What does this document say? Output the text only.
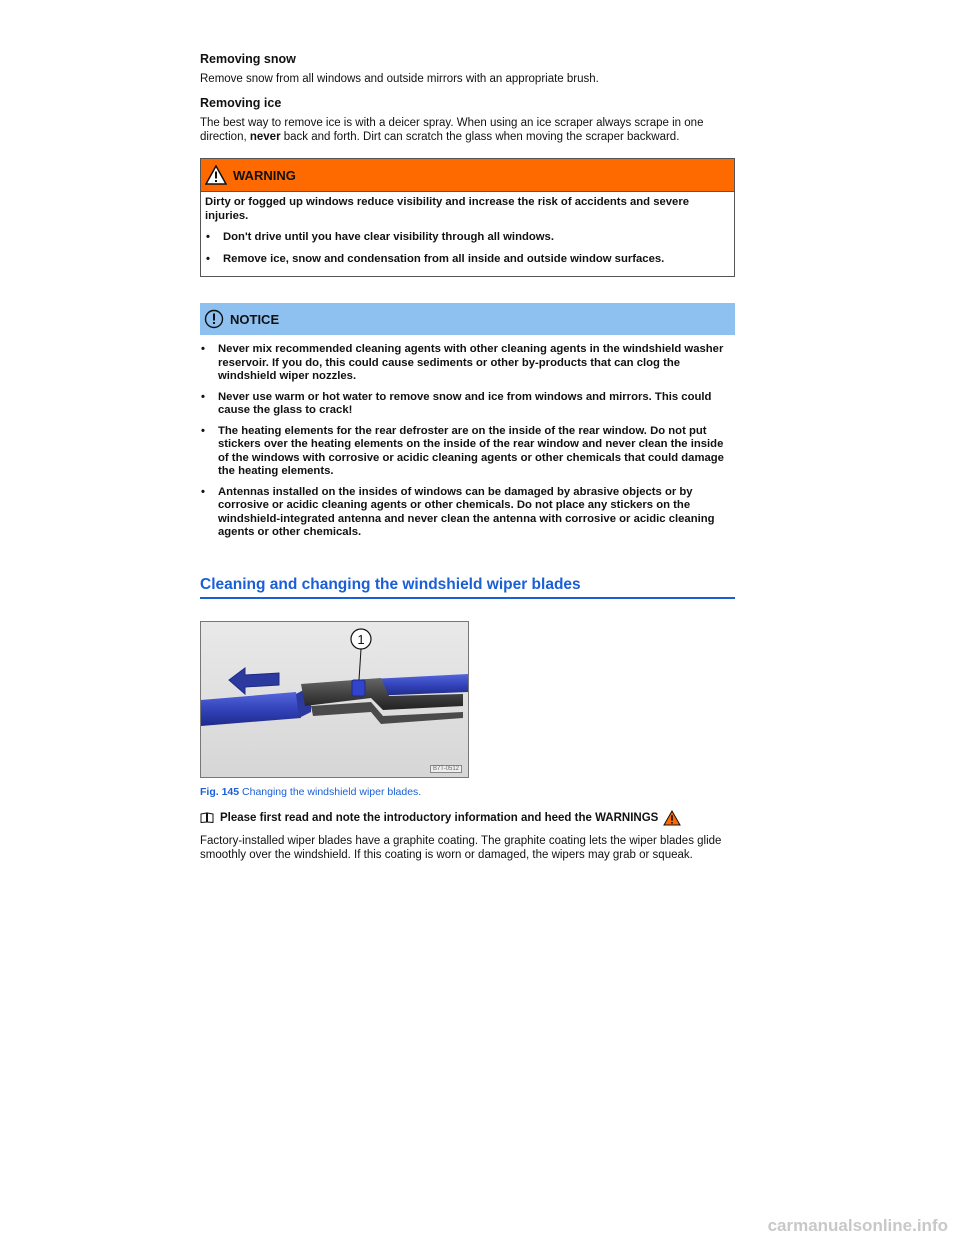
Removing snow

Remove snow from all windows and outside mirrors with an appropriate brush.

Removing ice

The best way to remove ice is with a deicer spray. When using an ice scraper always scrape in one direction, never back and forth. Dirt can scratch the glass when moving the scraper backward.

WARNING

Dirty or fogged up windows reduce visibility and increase the risk of accidents and severe injuries.

•	Don't drive until you have clear visibility through all windows.
•	Remove ice, snow and condensation from all inside and outside window surfaces.
NOTICE
•	Never mix recommended cleaning agents with other cleaning agents in the windshield washer reservoir. If you do, this could cause sediments or other by-products that can clog the windshield wiper nozzles.
•	Never use warm or hot water to remove snow and ice from windows and mirrors. This could cause the glass to crack!
•	The heating elements for the rear defroster are on the inside of the rear window. Do not put stickers over the heating elements on the inside of the rear window and never clean the inside of the windows with corrosive or acidic cleaning agents or other chemicals that could damage the heating elements.
•	Antennas installed on the insides of windows can be damaged by abrasive objects or by corrosive or acidic cleaning agents or other chemicals. Do not place any stickers on the windshield-integrated antenna and never clean the antenna with corrosive or acidic cleaning agents or other chemicals.
Cleaning and changing the windshield wiper blades
1
B7T-0512
Fig. 145 Changing the windshield wiper blades.
Please first read and note the introductory information and heed the WARNINGS

Factory-installed wiper blades have a graphite coating. The graphite coating lets the wiper blades glide smoothly over the windshield. If this coating is worn or damaged, the wipers may grab or squeak.

carmanualsonline.info
